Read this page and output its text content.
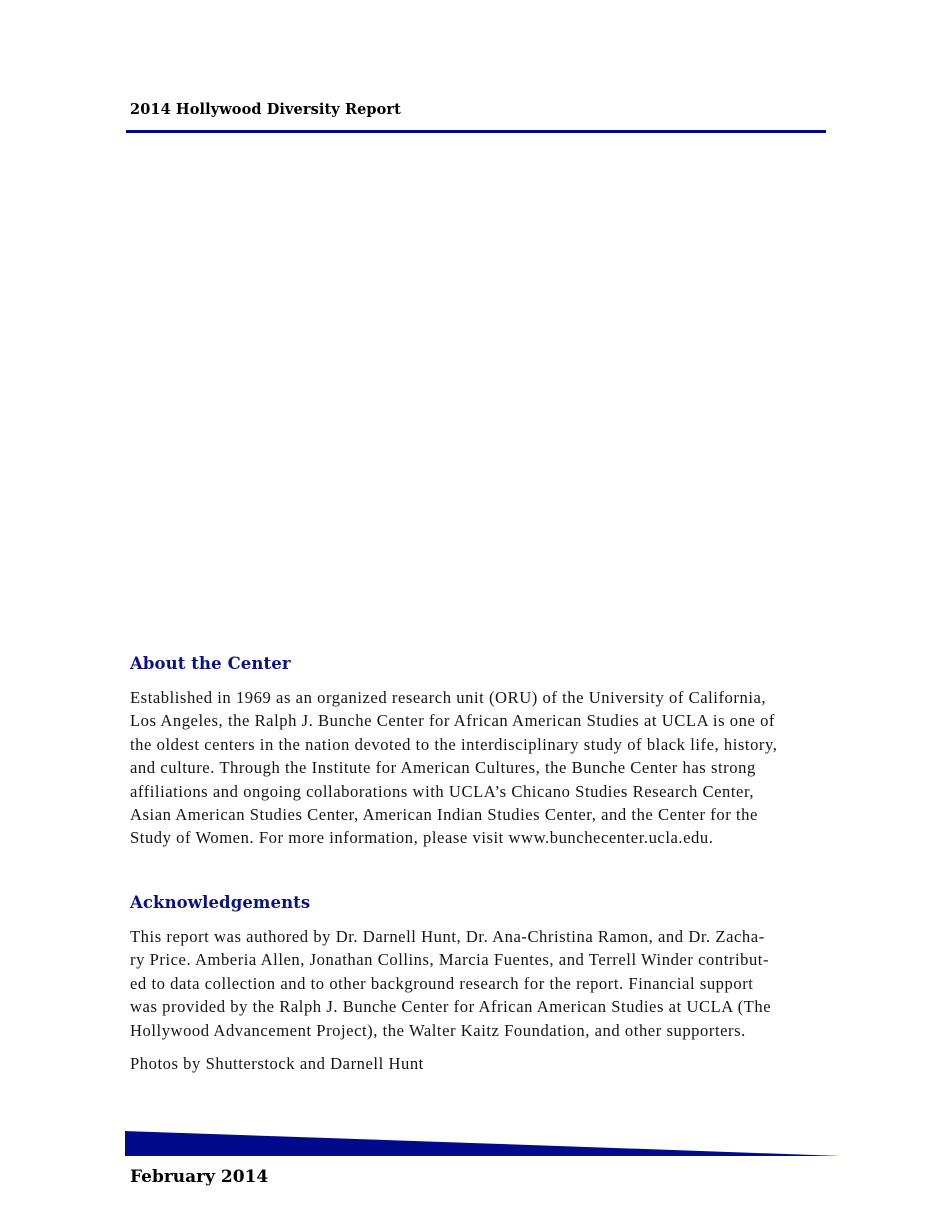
2014 Hollywood Diversity Report
About the Center

Established in 1969 as an organized research unit (ORU) of the University of California,
Los Angeles, the Ralph J. Bunche Center for African American Studies at UCLA is one of
the oldest centers in the nation devoted to the interdisciplinary study of black life, history,
and culture. Through the Institute for American Cultures, the Bunche Center has strong
affiliations and ongoing collaborations with UCLA’s Chicano Studies Research Center,
Asian American Studies Center, American Indian Studies Center, and the Center for the
Study of Women. For more information, please visit www.bunchecenter.ucla.edu.

Acknowledgements

This report was authored by Dr. Darnell Hunt, Dr. Ana-Christina Ramon, and Dr. Zacha-
ry Price. Amberia Allen, Jonathan Collins, Marcia Fuentes, and Terrell Winder contribut-
ed to data collection and to other background research for the report. Financial support
was provided by the Ralph J. Bunche Center for African American Studies at UCLA (The
Hollywood Advancement Project), the Walter Kaitz Foundation, and other supporters.

Photos by Shutterstock and Darnell Hunt

February 2014
